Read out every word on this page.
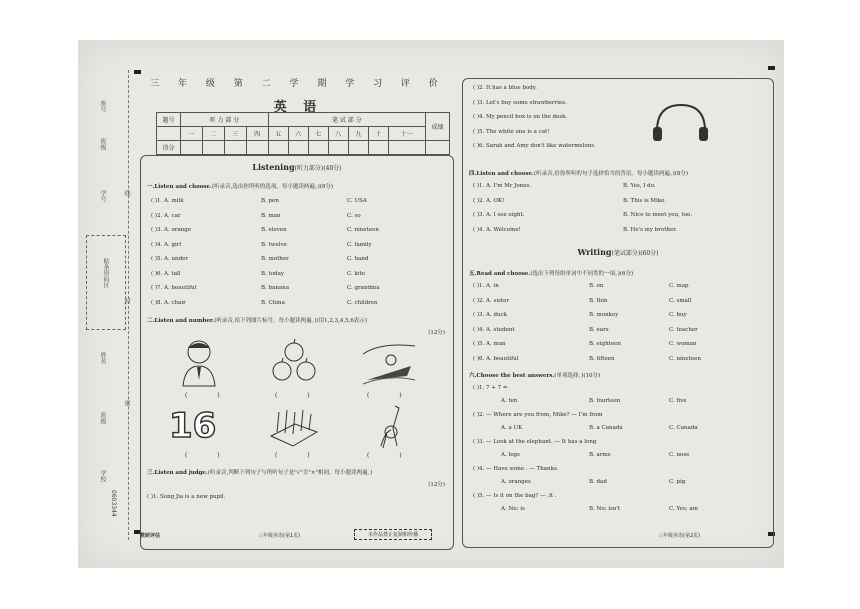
座号
班级
学号
贴条形码区
姓名
班级
学校
0603344
线
封
密
三 年 级 第 二 学 期 学 习 评 价
英 语
题号	听 力 部 分				笔 试 部 分							成绩
	一	二	三	四	五	六	七	八	九	十	十一	
得分												
Listening(听力部分)(40分)
一.Listen and choose.(听录音,选出你所听的选项。每小题读两遍。)(8分)
( )1. A. milk	B. pen	C. USA
( )2. A. car	B. man	C. so
( )3. A. orange	B. eleven	C. nineteen
( )4. A. girl	B. twelve	C. family
( )5. A. under	B. mother	C. hand
( )6. A. tall	B. today	C. kite
( )7. A. beautiful	B. banana	C. grandma
( )8. A. chair	B. China	C. children
二.Listen and number.(听录音,给下列图片标号。每小题读两遍。)(用1,2,3,4,5,6表示)
(12分)
( )	( )	( )
16
( )	( )	( )
三.Listen and judge.(听录音,判断下列句子与所听句子是"√"否"×"相同。每小题读两遍。)
(12分)
( )1. Song Jia is a new pupil.
教研评估	三年级英语(第1页)	本作品禁止复制和传播
( )2. It has a blue body.
( )3. Let's buy some strawberries.
( )4. My pencil box is on the desk.
( )5. The white one is a cat!
( )6. Sarah and Amy don't like watermelons.
四.Listen and choose.(听录音,给你所听的句子选择恰当的答语。每小题读两遍。)(8分)
( )1. A. I'm Mr Jones.	B. Yes, I do.
( )2. A. OK!	B. This is Mike.
( )3. A. I see eight.	B. Nice to meet you, too.
( )4. A. Welcome!	B. He's my brother.
Writing(笔试部分)(60分)
五.Read and choose.(选出下列每组单词中不同类的一项。)(6分)
( )1. A. in	B. on	C. map
( )2. A. sister	B. thin	C. small
( )3. A. duck	B. monkey	C. buy
( )4. A. student	B. ears	C. teacher
( )5. A. man	B. eighteen	C. woman
( )6. A. beautiful	B. fifteen	C. nineteen
六.Choose the best answers.(单项选择。)(10分)
( )1. 7 + 7 =
A. ten	B. fourteen	C. five
( )2. — Where are you from, Mike? — I'm from
A. a UK	B. a Canada	C. Canada
( )3. — Look at the elephant. — It has a long
A. legs	B. arms	C. nose
( )4. — Have some . — Thanks.
A. oranges	B. dad	C. pig
( )5. — Is it on the bag? — ,it .
A. No; is	B. No; isn't	C. Yes; am
三年级英语(第2页)
